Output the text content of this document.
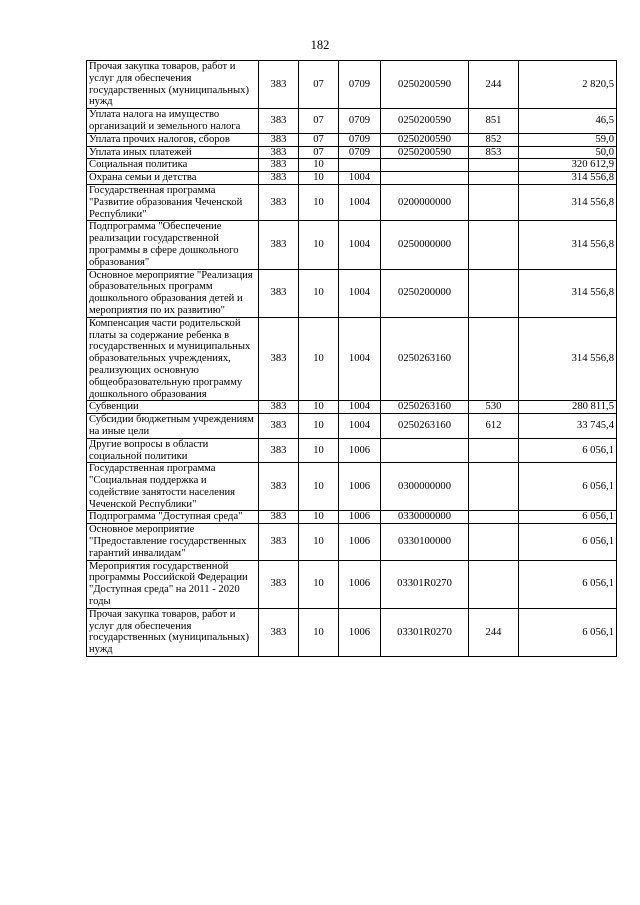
182
Прочая закупка товаров, работ и услуг для обеспечения государственных (муниципальных) нужд	383	07	0709	0250200590	244	2 820,5
Уплата налога на имущество организаций и земельного налога	383	07	0709	0250200590	851	46,5
Уплата прочих налогов, сборов	383	07	0709	0250200590	852	59,0
Уплата иных платежей	383	07	0709	0250200590	853	50,0
Социальная политика	383	10				320 612,9
Охрана семьи и детства	383	10	1004			314 556,8
Государственная программа "Развитие образования Чеченской Республики"	383	10	1004	0200000000		314 556,8
Подпрограмма "Обеспечение реализации государственной программы в сфере дошкольного образования"	383	10	1004	0250000000		314 556,8
Основное мероприятие "Реализация образовательных программ дошкольного образования детей и мероприятия по их развитию"	383	10	1004	0250200000		314 556,8
Компенсация части родительской платы за содержание ребенка в государственных и муниципальных образовательных учреждениях, реализующих основную общеобразовательную программу дошкольного образования	383	10	1004	0250263160		314 556,8
Субвенции	383	10	1004	0250263160	530	280 811,5
Субсидии бюджетным учреждениям на иные цели	383	10	1004	0250263160	612	33 745,4
Другие вопросы в области социальной политики	383	10	1006			6 056,1
Государственная программа "Социальная поддержка и содействие занятости населения Чеченской Республики"	383	10	1006	0300000000		6 056,1
Подпрограмма "Доступная среда"	383	10	1006	0330000000		6 056,1
Основное мероприятие "Предоставление государственных гарантий инвалидам"	383	10	1006	0330100000		6 056,1
Мероприятия государственной программы Российской Федерации "Доступная среда" на 2011 - 2020 годы	383	10	1006	03301R0270		6 056,1
Прочая закупка товаров, работ и услуг для обеспечения государственных (муниципальных) нужд	383	10	1006	03301R0270	244	6 056,1
